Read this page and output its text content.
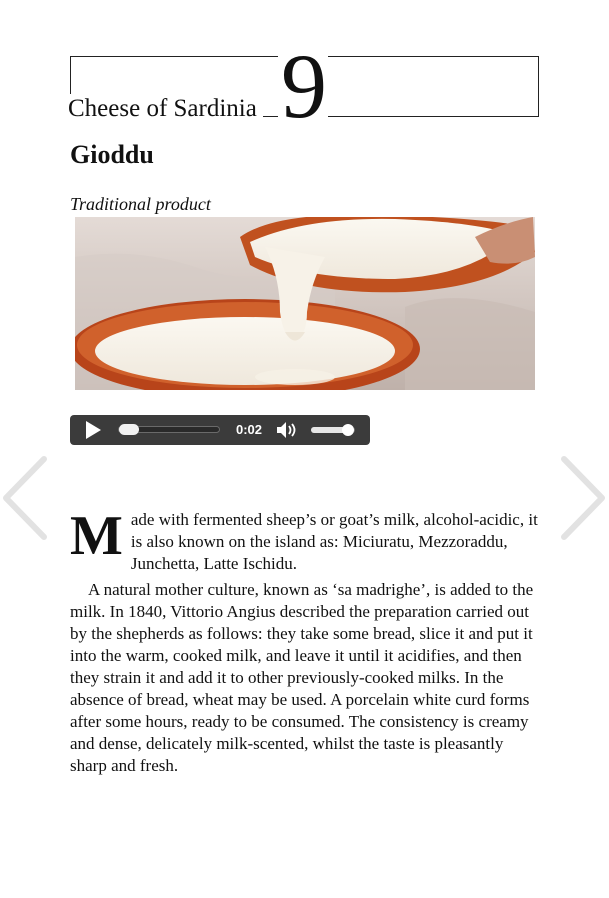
Cheese of Sardinia 9
Gioddu
Traditional product
0:02

Made with fermented sheep’s or goat’s milk, alcohol-acidic, it is also known on the island as: Miciuratu, Mezzoraddu, Junchetta, Latte Ischidu.

A natural mother culture, known as ‘sa madrighe’, is added to the milk. In 1840, Vittorio Angius described the preparation carried out by the shepherds as follows: they take some bread, slice it and put it into the warm, cooked milk, and leave it until it acidifies, and then they strain it and add it to other previously-cooked milks. In the absence of bread, wheat may be used. A porcelain white curd forms after some hours, ready to be consumed. The consistency is creamy and dense, delicately milk-scented, whilst the taste is pleasantly sharp and fresh.
